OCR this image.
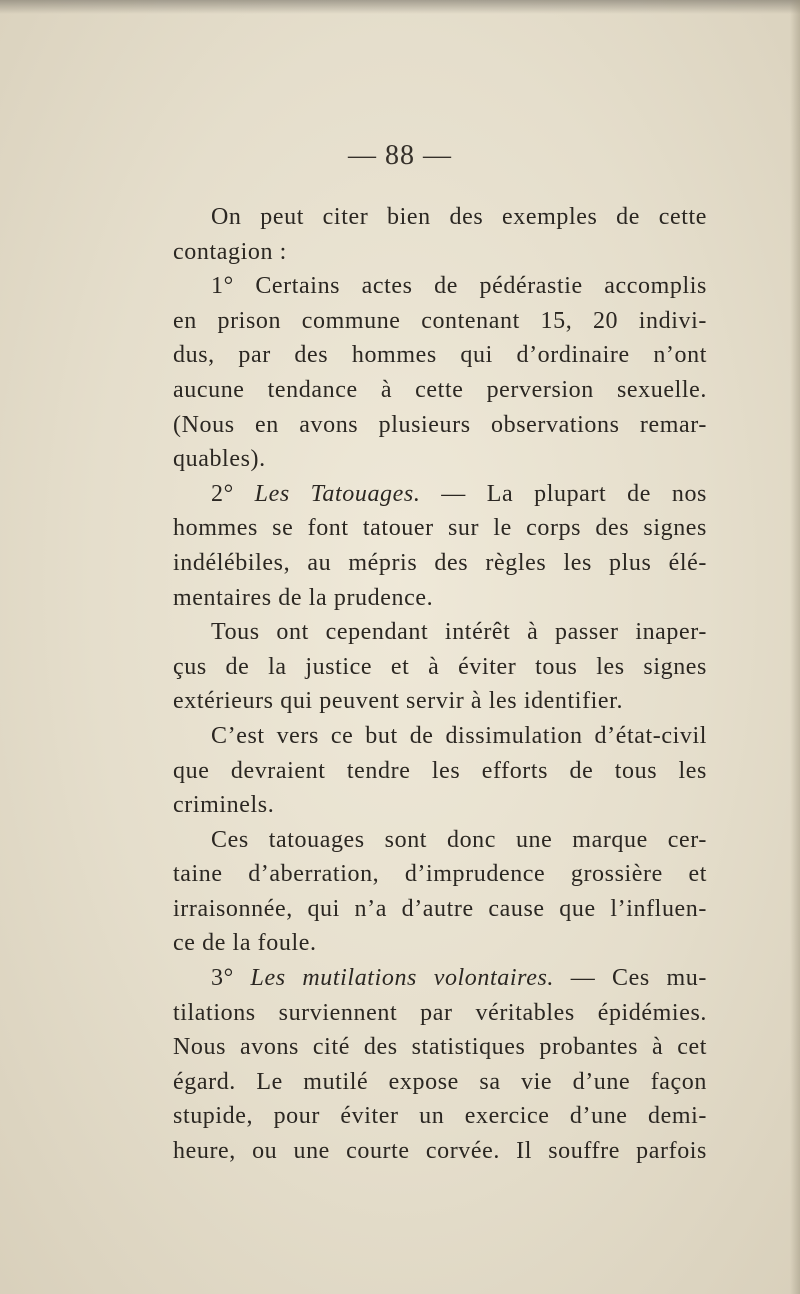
— 88 —
On peut citer bien des exemples de cette
contagion :
1° Certains actes de pédérastie accomplis
en prison commune contenant 15, 20 indivi-
dus, par des hommes qui d’ordinaire n’ont
aucune tendance à cette perversion sexuelle.
(Nous en avons plusieurs observations remar-
quables).
2° Les Tatouages. — La plupart de nos
hommes se font tatouer sur le corps des signes
indélébiles, au mépris des règles les plus élé-
mentaires de la prudence.
Tous ont cependant intérêt à passer inaper-
çus de la justice et à éviter tous les signes
extérieurs qui peuvent servir à les identifier.
C’est vers ce but de dissimulation d’état-civil
que devraient tendre les efforts de tous les
criminels.
Ces tatouages sont donc une marque cer-
taine d’aberration, d’imprudence grossière et
irraisonnée, qui n’a d’autre cause que l’influen-
ce de la foule.
3° Les mutilations volontaires. — Ces mu-
tilations surviennent par véritables épidémies.
Nous avons cité des statistiques probantes à cet
égard. Le mutilé expose sa vie d’une façon
stupide, pour éviter un exercice d’une demi-
heure, ou une courte corvée. Il souffre parfois
